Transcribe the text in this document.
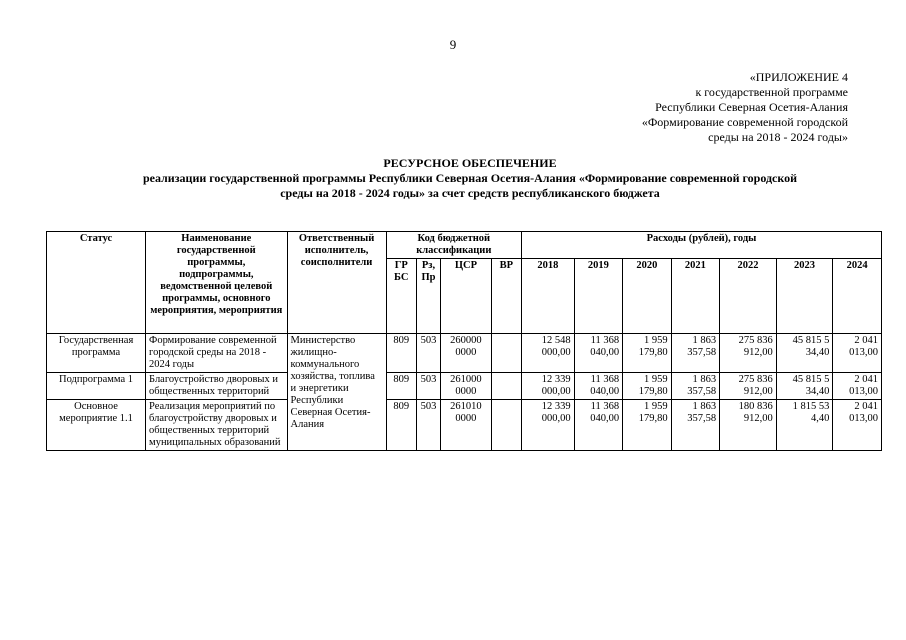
9
«ПРИЛОЖЕНИЕ 4
к государственной программе
Республики Северная Осетия-Алания
«Формирование современной городской
среды на 2018 - 2024 годы»
РЕСУРСНОЕ ОБЕСПЕЧЕНИЕ
реализации государственной программы Республики Северная Осетия-Алания «Формирование современной городской
среды на 2018 - 2024 годы» за счет средств республиканского бюджета
Статус	Наименование государственной программы, подпрограммы, ведомственной целевой программы, основного мероприятия, мероприятия	Ответственный исполнитель, соисполнители	Код бюджетной классификации				Расходы (рублей), годы						
			ГР БС	Рз, Пр	ЦСР	ВР	2018	2019	2020	2021	2022	2023	2024
Государственная программа	Формирование современной городской среды на 2018 - 2024 годы	Министерство жилищно-коммунального хозяйства, топлива и энергетики Республики Северная Осетия-Алания	809	503	260000 0000		12 548 000,00	11 368 040,00	1 959 179,80	1 863 357,58	275 836 912,00	45 815 5 34,40	2 041 013,00
Подпрограмма 1	Благоустройство дворовых и общественных территорий		809	503	261000 0000		12 339 000,00	11 368 040,00	1 959 179,80	1 863 357,58	275 836 912,00	45 815 5 34,40	2 041 013,00
Основное мероприятие 1.1	Реализация мероприятий по благоустройству дворовых и общественных территорий муниципальных образований		809	503	261010 0000		12 339 000,00	11 368 040,00	1 959 179,80	1 863 357,58	180 836 912,00	1 815 53 4,40	2 041 013,00
